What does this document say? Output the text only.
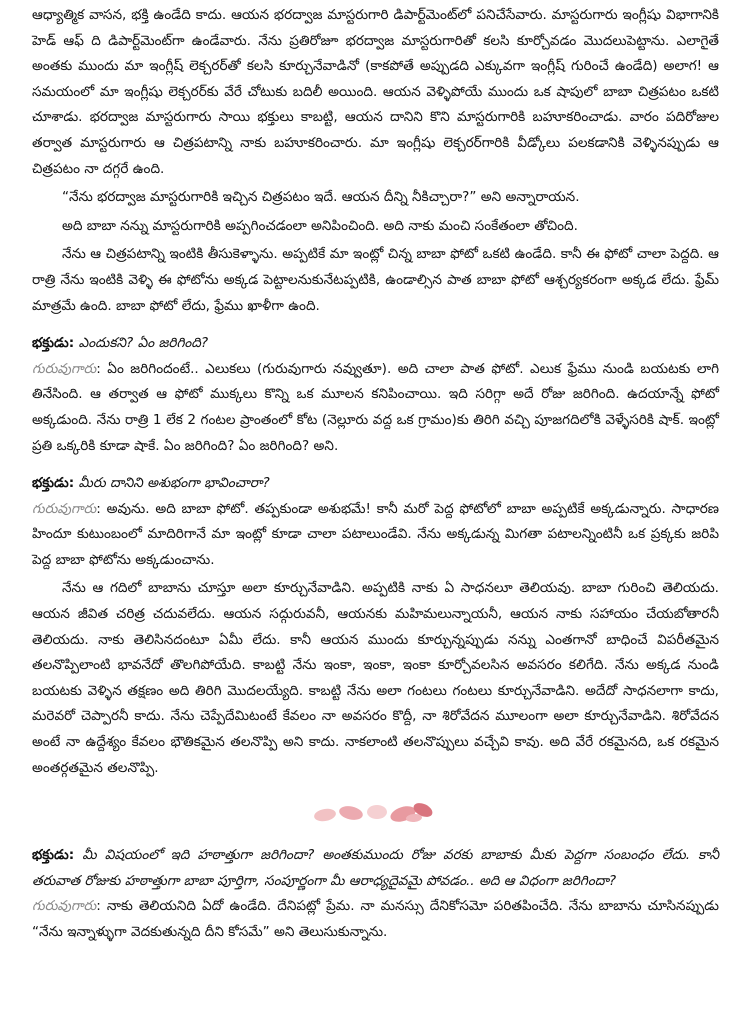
ఆధ్యాత్మిక వాసన, భక్తి ఉండేది కాదు. ఆయన భరద్వాజ మాస్టరుగారి డిపార్ట్‌మెంట్‌లో పనిచేసేవారు. మాస్టరుగారు ఇంగ్లీషు విభాగానికి హెడ్ ఆఫ్ ది డిపార్ట్‌మెంట్‌గా ఉండేవారు. నేను ప్రతిరోజూ భరద్వాజ మాస్టరుగారితో కలసి కూర్చోవడం మొదలుపెట్టాను. ఎలాగైతే అంతకు ముందు మా ఇంగ్లీష్ లెక్చరర్‌తో కలసి కూర్చునేవాడినో (కాకపోతే అప్పుడది ఎక్కువగా ఇంగ్లీష్ గురించే ఉండేది) అలాగ! ఆ సమయంలో మా ఇంగ్లీషు లెక్చరర్‌కు వేరే చోటుకు బదిలీ అయింది. ఆయన వెళ్ళిపోయే ముందు ఒక షాపులో బాబా చిత్రపటం ఒకటి చూశాడు. భరద్వాజ మాస్టరుగారు సాయి భక్తులు కాబట్టి, ఆయన దానిని కొని మాస్టరుగారికి బహూకరించాడు. వారం పదిరోజుల తర్వాత మాస్టరుగారు ఆ చిత్రపటాన్ని నాకు బహూకరించారు. మా ఇంగ్లీషు లెక్చరర్‌గారికి వీడ్కోలు పలకడానికి వెళ్ళినప్పుడు ఆ చిత్రపటం నా దగ్గరే ఉంది.

“నేను భరద్వాజ మాస్టరుగారికి ఇచ్చిన చిత్రపటం ఇదే. ఆయన దీన్ని నీకిచ్చారా?” అని అన్నారాయన.

అది బాబా నన్ను మాస్టరుగారికి అప్పగించడంలా అనిపించింది. అది నాకు మంచి సంకేతంలా తోచింది.

నేను ఆ చిత్రపటాన్ని ఇంటికి తీసుకెళ్ళాను. అప్పటికే మా ఇంట్లో చిన్న బాబా ఫోటో ఒకటి ఉండేది. కానీ ఈ ఫోటో చాలా పెద్దది. ఆ రాత్రి నేను ఇంటికి వెళ్ళి ఈ ఫోటోను అక్కడ పెట్టాలనుకునేటప్పటికి, ఉండాల్సిన పాత బాబా ఫోటో ఆశ్చర్యకరంగా అక్కడ లేదు. ఫ్రేమ్ మాత్రమే ఉంది. బాబా ఫోటో లేదు, ఫ్రేము ఖాళీగా ఉంది.

భక్తుడు: ఎందుకని? ఏం జరిగింది?

గురువుగారు: ఏం జరిగిందంటే.. ఎలుకలు (గురువుగారు నవ్వుతూ). అది చాలా పాత ఫోటో. ఎలుక ఫ్రేము నుండి బయటకు లాగి తినేసింది. ఆ తర్వాత ఆ ఫోటో ముక్కలు కొన్ని ఒక మూలన కనిపించాయి. ఇది సరిగ్గా అదే రోజు జరిగింది. ఉదయాన్నే ఫోటో అక్కడుంది. నేను రాత్రి 1 లేక 2 గంటల ప్రాంతంలో కోట (నెల్లూరు వద్ద ఒక గ్రామం)కు తిరిగి వచ్చి పూజగదిలోకి వెళ్ళేసరికి షాక్. ఇంట్లో ప్రతి ఒక్కరికి కూడా షాకే. ఏం జరిగింది? ఏం జరిగింది? అని.

భక్తుడు: మీరు దానిని అశుభంగా భావించారా?

గురువుగారు: అవును. అది బాబా ఫోటో. తప్పకుండా అశుభమే! కానీ మరో పెద్ద ఫోటోలో బాబా అప్పటికే అక్కడున్నారు. సాధారణ హిందూ కుటుంబంలో మాదిరిగానే మా ఇంట్లో కూడా చాలా పటాలుండేవి. నేను అక్కడున్న మిగతా పటాలన్నింటినీ ఒక ప్రక్కకు జరిపి పెద్ద బాబా ఫోటోను అక్కడుంచాను.

నేను ఆ గదిలో బాబాను చూస్తూ అలా కూర్చునేవాడిని. అప్పటికి నాకు ఏ సాధనలూ తెలియవు. బాబా గురించి తెలియదు. ఆయన జీవిత చరిత్ర చదువలేదు. ఆయన సద్గురువనీ, ఆయనకు మహిమలున్నాయనీ, ఆయన నాకు సహాయం చేయబోతారనీ తెలియదు. నాకు తెలిసినదంటూ ఏమీ లేదు. కానీ ఆయన ముందు కూర్చున్నప్పుడు నన్ను ఎంతగానో బాధించే విపరీతమైన తలనొప్పిలాంటి భావనేదో తొలగిపోయేది. కాబట్టి నేను ఇంకా, ఇంకా, ఇంకా కూర్చోవలసిన అవసరం కలిగేది. నేను అక్కడ నుండి బయటకు వెళ్ళిన తక్షణం అది తిరిగి మొదలయ్యేది. కాబట్టి నేను అలా గంటలు గంటలు కూర్చునేవాడిని. అదేదో సాధనలాగా కాదు, మరెవరో చెప్పారనీ కాదు. నేను చెప్పేదేమిటంటే కేవలం నా అవసరం కొద్దీ, నా శిరోవేదన మూలంగా అలా కూర్చునేవాడిని. శిరోవేదన అంటే నా ఉద్దేశ్యం కేవలం భౌతికమైన తలనొప్పి అని కాదు. నాకలాంటి తలనొప్పులు వచ్చేవి కావు. అది వేరే రకమైనది, ఒక రకమైన అంతర్గతమైన తలనొప్పి.

భక్తుడు: మీ విషయంలో ఇది హఠాత్తుగా జరిగిందా? అంతకుముందు రోజు వరకు బాబాకు మీకు పెద్దగా సంబంధం లేదు. కానీ తరువాత రోజుకు హఠాత్తుగా బాబా పూర్తిగా, సంపూర్ణంగా మీ ఆరాధ్యదైవమై పోవడం.. అది ఆ విధంగా జరిగిందా?

గురువుగారు: నాకు తెలియనిది ఏదో ఉండేది. దేనిపట్లో ప్రేమ. నా మనస్సు దేనికోసమో పరితపించేది. నేను బాబాను చూసినప్పుడు “నేను ఇన్నాళ్ళుగా వెదకుతున్నది దీని కోసమే” అని తెలుసుకున్నాను.
